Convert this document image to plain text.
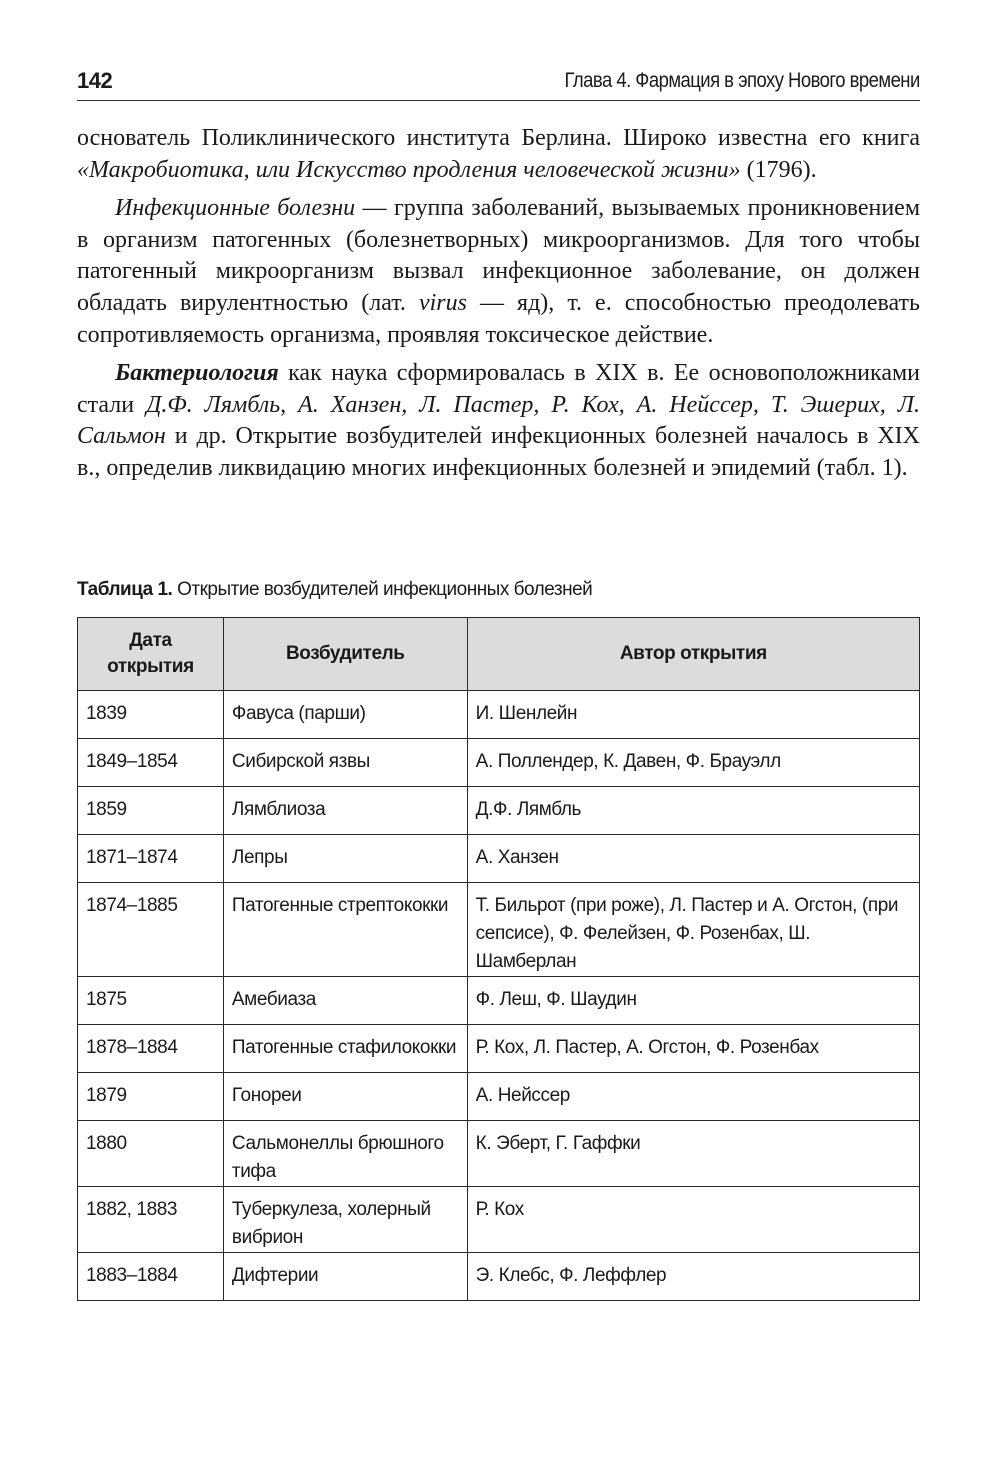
142	Глава 4. Фармация в эпоху Нового времени

основатель Поликлинического института Берлина. Широко известна его книга «Макробиотика, или Искусство продления человеческой жизни» (1796).

Инфекционные болезни — группа заболеваний, вызываемых проникновением в организм патогенных (болезнетворных) микроорганизмов. Для того чтобы патогенный микроорганизм вызвал инфекционное заболевание, он должен обладать вирулентностью (лат. virus — яд), т. е. способностью преодолевать сопротивляемость организма, проявляя токсическое действие.

Бактериология как наука сформировалась в XIX в. Ее основоположниками стали Д.Ф. Лямбль, А. Ханзен, Л. Пастер, Р. Кох, А. Нейссер, Т. Эшерих, Л. Сальмон и др. Открытие возбудителей инфекционных болезней началось в XIX в., определив ликвидацию многих инфекционных болезней и эпидемий (табл. 1).

Таблица 1. Открытие возбудителей инфекционных болезней
Дата
открытия	Возбудитель	Автор открытия
1839	Фавуса (парши)	И. Шенлейн
1849–1854	Сибирской язвы	А. Поллендер, К. Давен, Ф. Брауэлл
1859	Лямблиоза	Д.Ф. Лямбль
1871–1874	Лепры	А. Ханзен
1874–1885	Патогенные стрептококки	Т. Бильрот (при роже), Л. Пастер и А. Огстон, (при сепсисе), Ф. Фелейзен, Ф. Розенбах, Ш. Шамберлан
1875	Амебиаза	Ф. Леш, Ф. Шаудин
1878–1884	Патогенные стафилококки	Р. Кох, Л. Пастер, А. Огстон, Ф. Розенбах
1879	Гонореи	А. Нейссер
1880	Сальмонеллы брюшного тифа	К. Эберт, Г. Гаффки
1882, 1883	Туберкулеза, холерный вибрион	Р. Кох
1883–1884	Дифтерии	Э. Клебс, Ф. Леффлер
